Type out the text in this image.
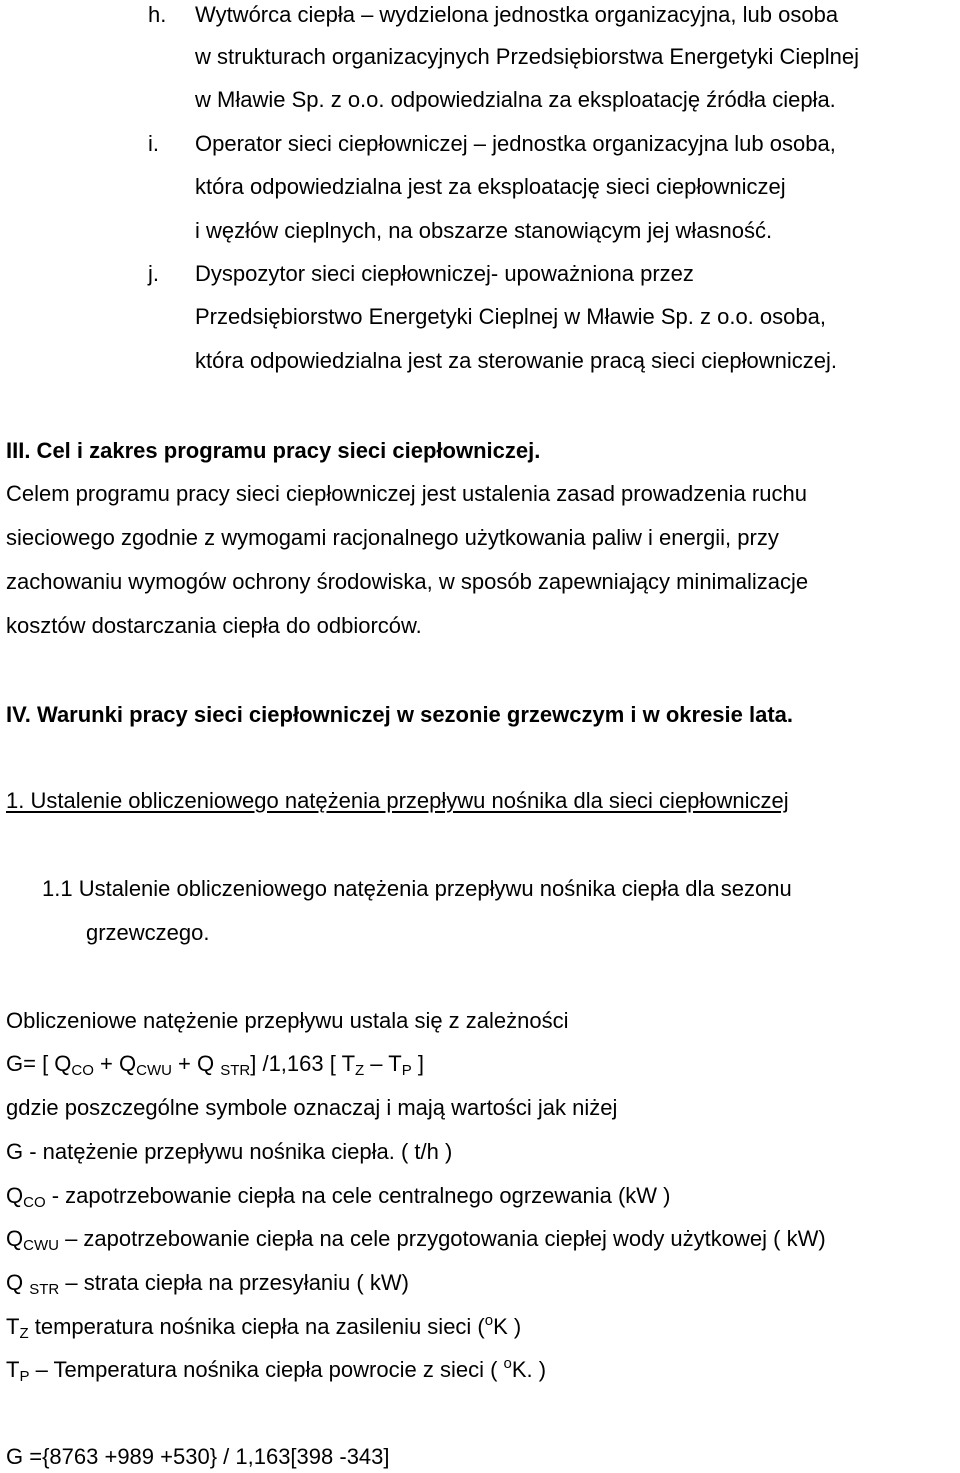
h. Wytwórca ciepła – wydzielona jednostka organizacyjna, lub osoba
w strukturach organizacyjnych Przedsiębiorstwa Energetyki Cieplnej
w Mławie Sp. z o.o. odpowiedzialna za eksploatację źródła ciepła.
i. Operator sieci ciepłowniczej – jednostka organizacyjna lub osoba,
która odpowiedzialna jest za eksploatację sieci ciepłowniczej
i węzłów cieplnych, na obszarze stanowiącym jej własność.
j. Dyspozytor sieci ciepłowniczej- upoważniona przez
Przedsiębiorstwo Energetyki Cieplnej w Mławie Sp. z o.o. osoba,
która odpowiedzialna jest za sterowanie pracą sieci ciepłowniczej.
III. Cel i zakres programu pracy sieci ciepłowniczej.
Celem programu pracy sieci ciepłowniczej jest ustalenia zasad prowadzenia ruchu
sieciowego zgodnie z wymogami racjonalnego użytkowania paliw i energii, przy
zachowaniu wymogów ochrony środowiska, w sposób zapewniający minimalizacje
kosztów dostarczania ciepła do odbiorców.
IV. Warunki pracy sieci ciepłowniczej w sezonie grzewczym i w okresie lata.
1. Ustalenie obliczeniowego natężenia przepływu nośnika dla sieci ciepłowniczej
1.1 Ustalenie obliczeniowego natężenia przepływu nośnika ciepła dla sezonu
grzewczego.
Obliczeniowe natężenie przepływu ustala się z zależności
G= [ QCO + QCWU + Q STR] /1,163 [ TZ – TP ]
gdzie poszczególne symbole oznaczaj i mają wartości jak niżej
G - natężenie przepływu nośnika ciepła. ( t/h )
QCO - zapotrzebowanie ciepła na cele centralnego ogrzewania (kW )
QCWU – zapotrzebowanie ciepła na cele przygotowania ciepłej wody użytkowej ( kW)
Q STR – strata ciepła na przesyłaniu ( kW)
TZ temperatura nośnika ciepła na zasileniu sieci ($^o$K )
TP – Temperatura nośnika ciepła powrocie z sieci ( $^o$K. )
G ={8763 +989 +530} / 1,163[398 -343]
